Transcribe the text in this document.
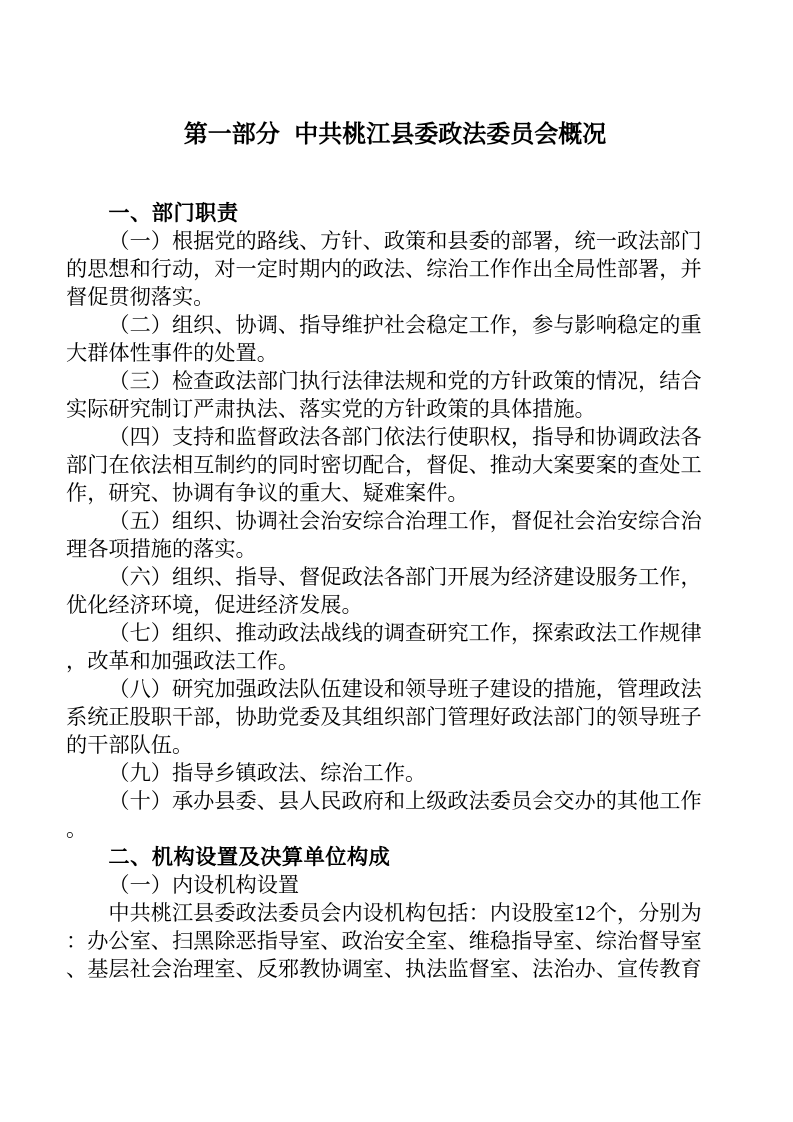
第一部分 中共桃江县委政法委员会概况
一、部门职责
（一）根据党的路线、方针、政策和县委的部署，统一政法部门
的思想和行动，对一定时期内的政法、综治工作作出全局性部署，并
督促贯彻落实。
（二）组织、协调、指导维护社会稳定工作，参与影响稳定的重
大群体性事件的处置。
（三）检查政法部门执行法律法规和党的方针政策的情况，结合
实际研究制订严肃执法、落实党的方针政策的具体措施。
（四）支持和监督政法各部门依法行使职权，指导和协调政法各
部门在依法相互制约的同时密切配合，督促、推动大案要案的查处工
作，研究、协调有争议的重大、疑难案件。
（五）组织、协调社会治安综合治理工作，督促社会治安综合治
理各项措施的落实。
（六）组织、指导、督促政法各部门开展为经济建设服务工作，
优化经济环境，促进经济发展。
（七）组织、推动政法战线的调查研究工作，探索政法工作规律
，改革和加强政法工作。
（八）研究加强政法队伍建设和领导班子建设的措施，管理政法
系统正股职干部，协助党委及其组织部门管理好政法部门的领导班子
的干部队伍。
（九）指导乡镇政法、综治工作。
（十）承办县委、县人民政府和上级政法委员会交办的其他工作
。
二、机构设置及决算单位构成
（一）内设机构设置
中共桃江县委政法委员会内设机构包括：内设股室12个，分别为
：办公室、扫黑除恶指导室、政治安全室、维稳指导室、综治督导室
、基层社会治理室、反邪教协调室、执法监督室、法治办、宣传教育
